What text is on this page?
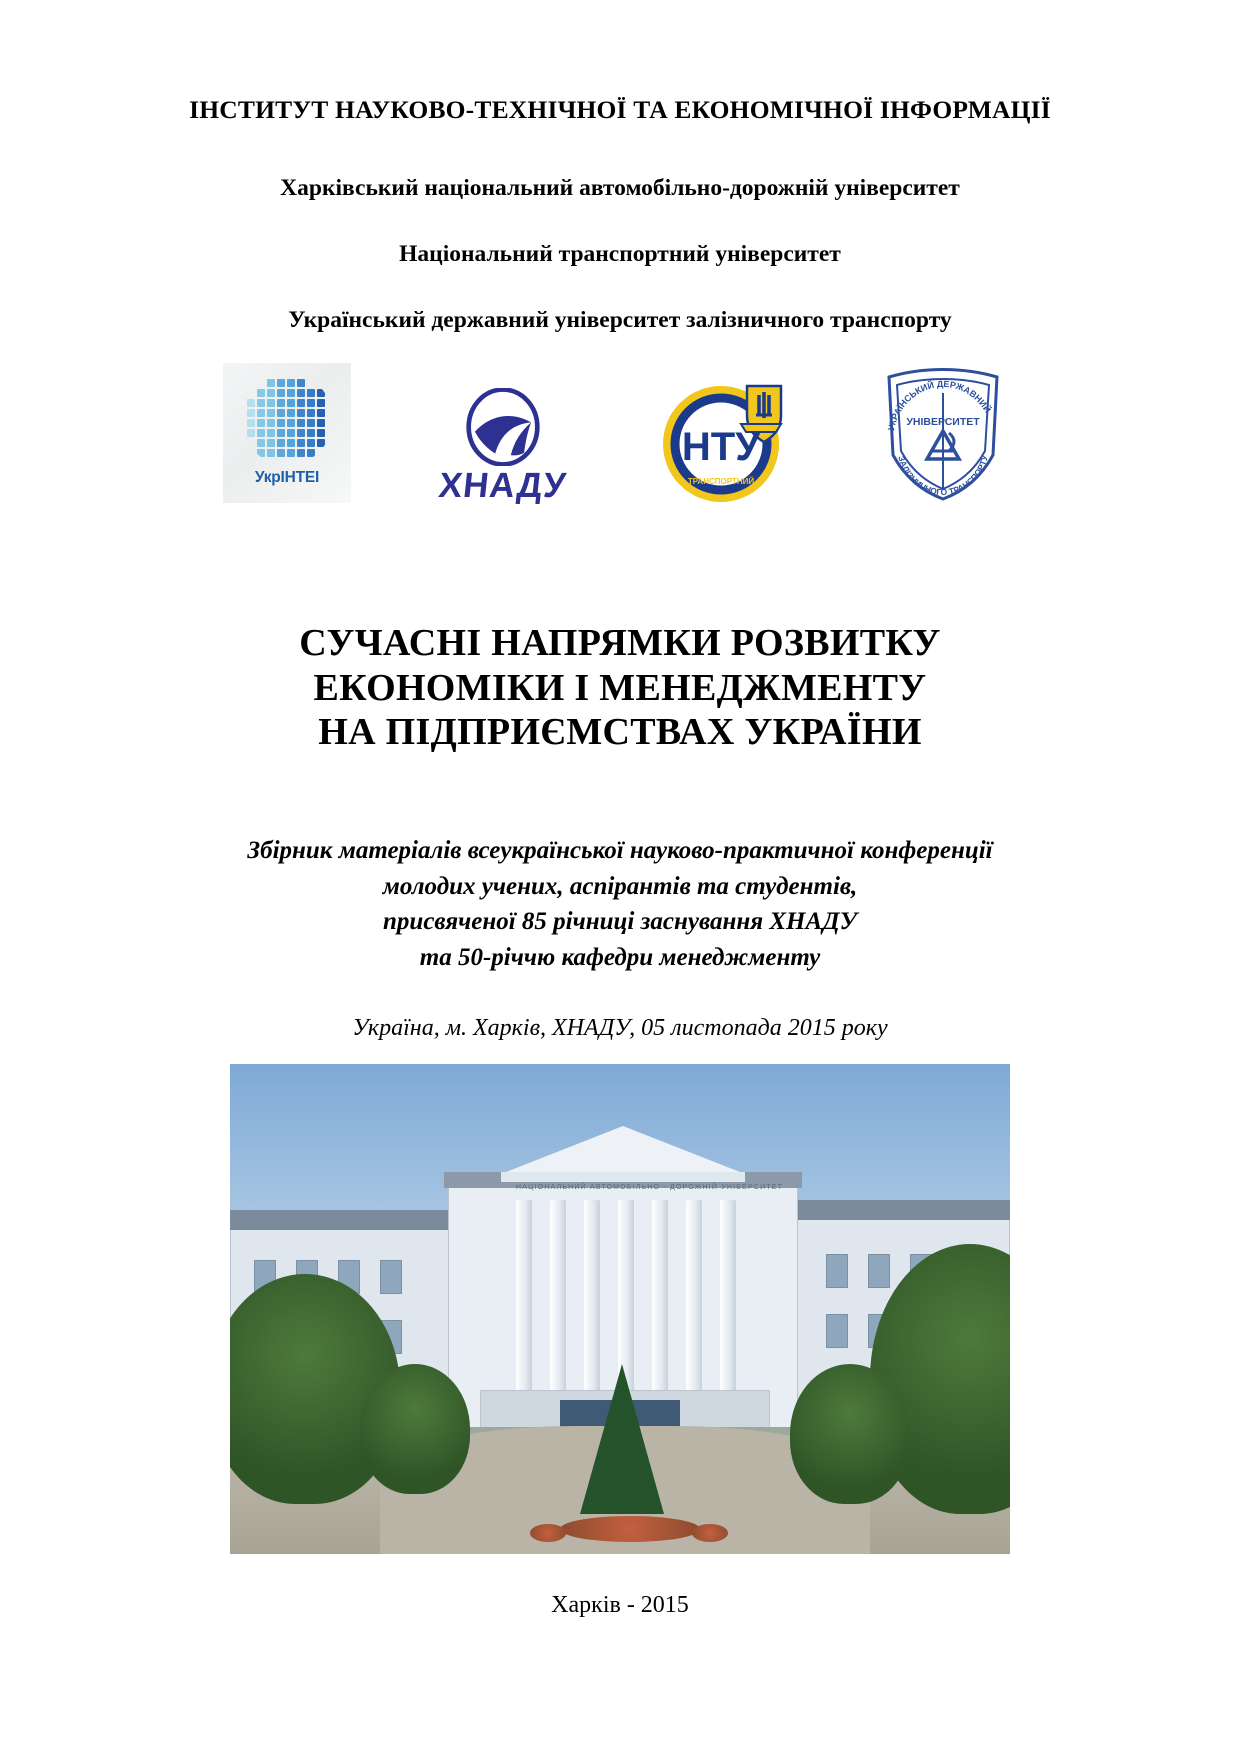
ІНСТИТУТ НАУКОВО-ТЕХНІЧНОЇ ТА ЕКОНОМІЧНОЇ ІНФОРМАЦІЇ
Харківський національний автомобільно-дорожній університет
Національний транспортний університет
Український державний університет залізничного транспорту
УкрІНТЕІ	ХНАДУ
НТУ
ТРАНСПОРТНИЙ
УКРАЇНСЬКИЙ ДЕРЖАВНИЙ
ЗАЛІЗНИЧНОГО ТРАНСПОРТУ
УНІВЕРСИТЕТ
СУЧАСНІ НАПРЯМКИ РОЗВИТКУ
ЕКОНОМІКИ І МЕНЕДЖМЕНТУ
НА ПІДПРИЄМСТВАХ УКРАЇНИ
Збірник матеріалів всеукраїнської науково-практичної конференції
молодих учених, аспірантів та студентів,
присвяченої 85 річниці заснування ХНАДУ
та 50-річчю кафедри менеджменту
Україна, м. Харків, ХНАДУ, 05 листопада 2015 року
НАЦІОНАЛЬНИЙ АВТОМОБІЛЬНО - ДОРОЖНІЙ УНІВЕРСИТЕТ
Харків - 2015
